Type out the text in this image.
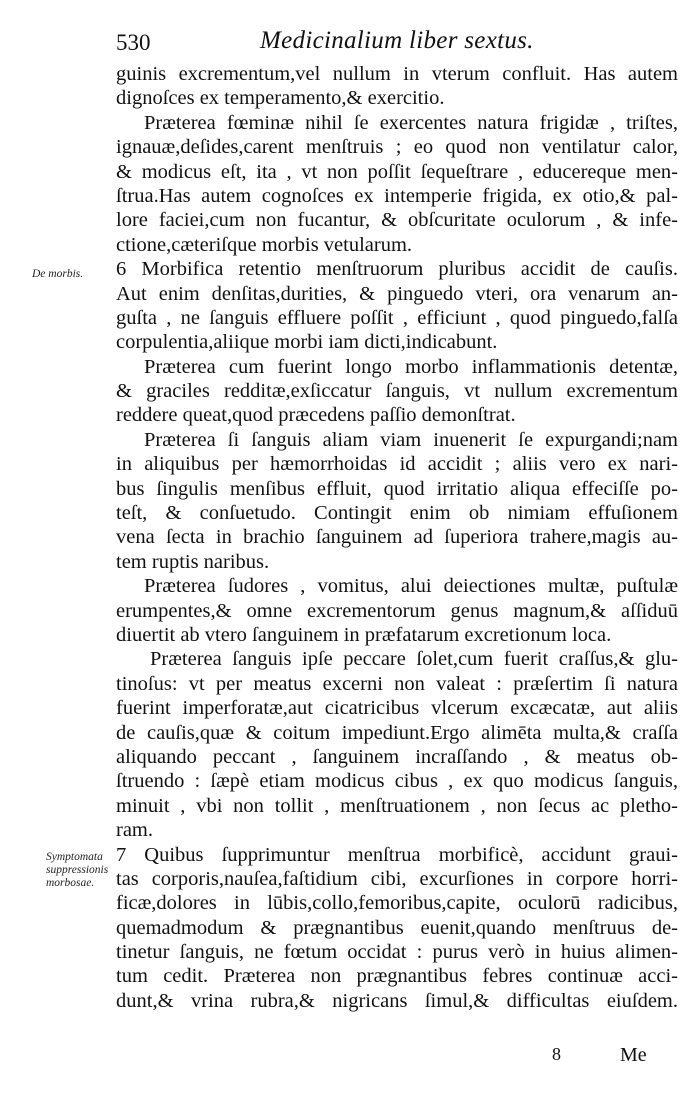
530	Medicinalium liber sextus.
De morbis.
Symptomata
suppressionis
morbosae.
guinis excrementum,vel nullum in vterum confluit. Has autem
dignoſces ex temperamento,& exercitio.
Præterea fœminæ nihil ſe exercentes natura frigidæ , triſtes,
ignauæ,deſides,carent menſtruis ; eo quod non ventilatur calor,
& modicus eſt, ita , vt non poſſit ſequeſtrare , educereque men-
ſtrua.Has autem cognoſces ex intemperie frigida, ex otio,& pal-
lore faciei,cum non fucantur, & obſcuritate oculorum , & infe-
ctione,cæteriſque morbis vetularum.
6 Morbifica retentio menſtruorum pluribus accidit de cauſis.
Aut enim denſitas,durities, & pinguedo vteri, ora venarum an-
guſta , ne ſanguis effluere poſſit , efficiunt , quod pinguedo,falſa
corpulentia,aliique morbi iam dicti,indicabunt.
Præterea cum fuerint longo morbo inflammationis detentæ,
& graciles redditæ,exſiccatur ſanguis, vt nullum excrementum
reddere queat,quod præcedens paſſio demonſtrat.
Præterea ſi ſanguis aliam viam inuenerit ſe expurgandi;nam
in aliquibus per hæmorrhoidas id accidit ; aliis vero ex nari-
bus ſingulis menſibus effluit, quod irritatio aliqua effeciſſe po-
teſt, & conſuetudo. Contingit enim ob nimiam effuſionem
vena ſecta in brachio ſanguinem ad ſuperiora trahere,magis au-
tem ruptis naribus.
Præterea ſudores , vomitus, alui deiectiones multæ, puſtulæ
erumpentes,& omne excrementorum genus magnum,& aſſiduū
diuertit ab vtero ſanguinem in præfatarum excretionum loca.
Præterea ſanguis ipſe peccare ſolet,cum fuerit craſſus,& glu-
tinoſus: vt per meatus excerni non valeat : præſertim ſi natura
fuerint imperforatæ,aut cicatricibus vlcerum excæcatæ, aut aliis
de cauſis,quæ & coitum impediunt.Ergo alimēta multa,& craſſa
aliquando peccant , ſanguinem incraſſando , & meatus ob-
ſtruendo : ſæpè etiam modicus cibus , ex quo modicus ſanguis,
minuit , vbi non tollit , menſtruationem , non ſecus ac pletho-
ram.
7 Quibus ſupprimuntur menſtrua morbificè, accidunt graui-
tas corporis,nauſea,faſtidium cibi, excurſiones in corpore horri-
ficæ,dolores in lūbis,collo,femoribus,capite, oculorū radicibus,
quemadmodum & prægnantibus euenit,quando menſtruus de-
tinetur ſanguis, ne fœtum occidat : purus verò in huius alimen-
tum cedit. Præterea non prægnantibus febres continuæ acci-
dunt,& vrina rubra,& nigricans ſimul,& difficultas eiuſdem.
8	Me
